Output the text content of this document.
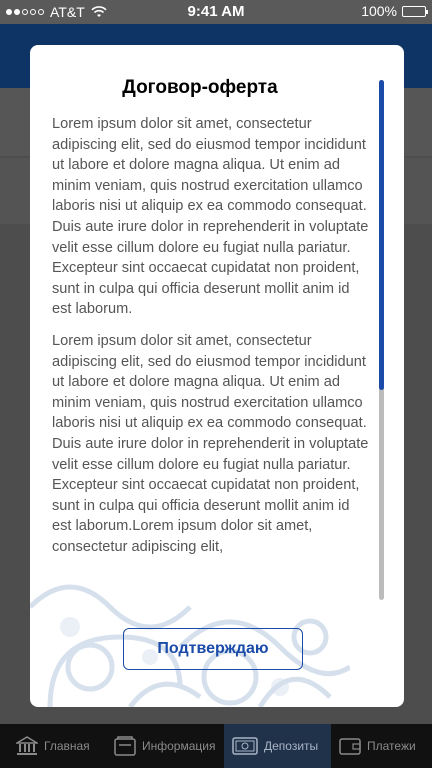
AT&T	9:41 AM	100%
Договор-оферта

Lorem ipsum dolor sit amet, consectetur adipiscing elit, sed do eiusmod tempor incididunt ut labore et dolore magna aliqua. Ut enim ad minim veniam, quis nostrud exercitation ullamco laboris nisi ut aliquip ex ea commodo consequat. Duis aute irure dolor in reprehenderit in voluptate velit esse cillum dolore eu fugiat nulla pariatur. Excepteur sint occaecat cupidatat non proident, sunt in culpa qui officia deserunt mollit anim id est laborum.

Lorem ipsum dolor sit amet, consectetur adipiscing elit, sed do eiusmod tempor incididunt ut labore et dolore magna aliqua. Ut enim ad minim veniam, quis nostrud exercitation ullamco laboris nisi ut aliquip ex ea commodo consequat. Duis aute irure dolor in reprehenderit in voluptate velit esse cillum dolore eu fugiat nulla pariatur. Excepteur sint occaecat cupidatat non proident, sunt in culpa qui officia deserunt mollit anim id est laborum.Lorem ipsum dolor sit amet, consectetur adipiscing elit,

Подтверждаю
Главная	Информация	Депозиты	Платежи
